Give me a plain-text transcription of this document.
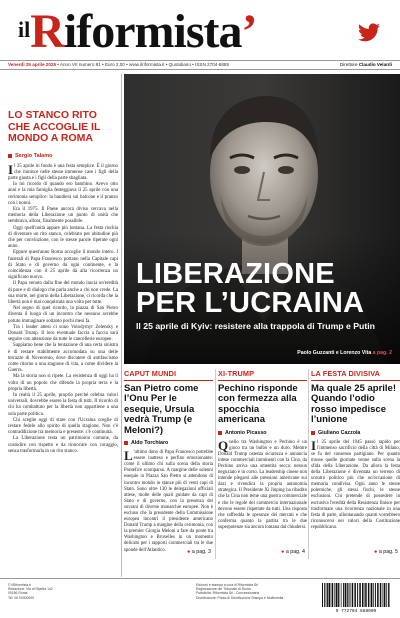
ilRiformista’
Venerdì 25 aprile 2025 • Anno VII numero 81 • Euro 2,00 • www.ilriformista.it • Quotidiano • ISSN 2704-6885	Direttore Claudio Velardi
LO STANCO RITO CHE ACCOGLIE IL MONDO A ROMA
Sergio Talamo

Il 25 aprile in fondo è una festa semplice. È il giorno che riunisce nelle stesse immense case i figli della parte giusta e i figli della parte sbagliata.

Io mi ricordo di quando ero bambino. Avevo otto anni e la mia famiglia festeggiava il 25 aprile con una cerimonia semplice: la bandiera sul balcone e il pranzo con i nonni.

Era il 1975. Il Paese ancora diviso cercava nella memoria della Liberazione un punto di unità che sembrava, allora, finalmente possibile.

Oggi quell'unità appare più lontana. La festa rischia di diventare un rito stanco, celebrato per abitudine più che per convinzione, con le stesse parole ripetute ogni anno.

Eppure quest'anno Roma accoglie il mondo intero. I funerali di Papa Francesco portano nella Capitale capi di Stato e di governo da ogni continente, e la coincidenza con il 25 aprile dà alla ricorrenza un significato nuovo.

Il Papa venuto dalla fine del mondo lascia un'eredità di pace e di dialogo che parla anche a chi non crede. La sua morte, nei giorni della Liberazione, ci ricorda che la libertà non è mai conquistata una volta per tutte.

Nel segno di quel ricordo, la piazza di San Pietro diventa il luogo di un incontro che nessuno avrebbe potuto immaginare soltanto pochi mesi fa.

Tra i leader attesi ci sono Volodymyr Zelensky e Donald Trump. Il loro eventuale faccia a faccia sarà seguito con attenzione da tutte le cancellerie europee.

Sappiamo bene che la tentazione di una certa sinistra è di restare stabilmente accomodata su una delle terrazze di Novecento, dove discutere di antifascismo come ritorno a una stagione di vita, a come dividere la Guerra.

Ma la storia non si ripete. La resistenza di oggi ha il volto di un popolo che difende la propria terra e la propria libertà.

In realtà il 25 aprile, proprio perché celebra valori universali, dovrebbe essere la festa di tutti. Il ricordo di chi ha combattuto per la libertà non appartiene a una sola parte politica.

Chi sceglie oggi di stare con l'Ucraina sceglie di restare fedele allo spirito di quella stagione. Non c'è contraddizione tra memoria e presente: c'è continuità.

La Liberazione resta un patrimonio comune, da custodire con rispetto e da rinnovare con coraggio, senza trasformarla in un rito stanco.

LIBERAZIONE
PER L’UCRAINA
Il 25 aprile di Kyiv: resistere alla trappola di Trump e Putin
Paolo Guzzanti e Lorenzo Vita a pag. 2
CAPUT MUNDI
San Pietro come l’Onu Per le esequie, Ursula vedrà Trump (e Meloni?)
Aldo Torchiaro
L 'ultimo dono di Papa Francesco potrebbe essere inatteso e perfino emozionante: come il ultimo chi sulla scena della storia Pontefice scomparso. A margine delle solenni esequie in Piazza San Pietro si attendono di incontro mondo in stanze più di venti capi di Stato. Sono oltre 130 le delegazioni ufficiali attese, molte delle quali guidate da capi di Stato e di governo, con la presenza dei sovrani di diverse monarchie europee. Non è escluso che la presidente della Commissione europea incontri il presidente americano Donald Trump a margine della cerimonia, con la premier Giorgia Meloni a fare da ponte tra Washington e Bruxelles in un momento delicato per i rapporti commerciali tra le due sponde dell'Atlantico.	● a pag. 3
XI-TRUMP
Pechino risponde con fermezza alla spocchia americana
Antonio Picasso
Quello tra Washington e Pechino è un gioco tra un bulbo e un duro. Mentre Donald Trump ostenta sicurezza e annuncia intese commerciali imminenti con la Cina, da Pechino arriva una smentita secca: nessun negoziato è in corso. La leadership cinese non intende piegarsi alle pressioni americane sui dazi e rivendica la propria autonomia strategica. Il Presidente Xi Jinping ha ribadito che la Cina non teme una guerra commerciale e che le regole del commercio internazionale devono essere rispettate da tutti. Una risposta che raffredda le speranze dei mercati e che conferma quanto la partita tra le due superpotenze sia ancora lontana dal chiudersi.
● a pag. 4
LA FESTA DIVISIVA
Ma quale 25 aprile! Quando l’odio rosso impedisce l’unione
Giuliano Cazzola
Il 25 aprile del 1945 passò rapido per l'immenso sacrificio della città di Milano, se fu del consenso partigiano. Per quanto mosse quelle giornate venne sulla scena la sfida della Liberazione. Da allora la festa della Liberazione è diventata un terreno di scontro politico più che un'occasione di memoria condivisa. Ogni anno le stesse polemiche, gli stessi fischi, le stesse esclusioni. Chi pretende di possedere in esclusiva l'eredità della Resistenza finisce per trasformare una ricorrenza nazionale in una festa di parte, allontanando quanti vorrebbero riconoscersi nei valori della Costituzione repubblicana.
● a pag. 5
© ilRiformista.it
Redazione: Via di Ripetta 142
00186 Roma
Tel. 06 00000000
Edizioni e stampa a cura di Riformista Srl
Registrazione del Tribunale di Roma
Pubblicità: Riformista Srl - Concessionaria
Distribuzione: Press-di Distribuzione Stampa e Multimedia
9 772704 688009
